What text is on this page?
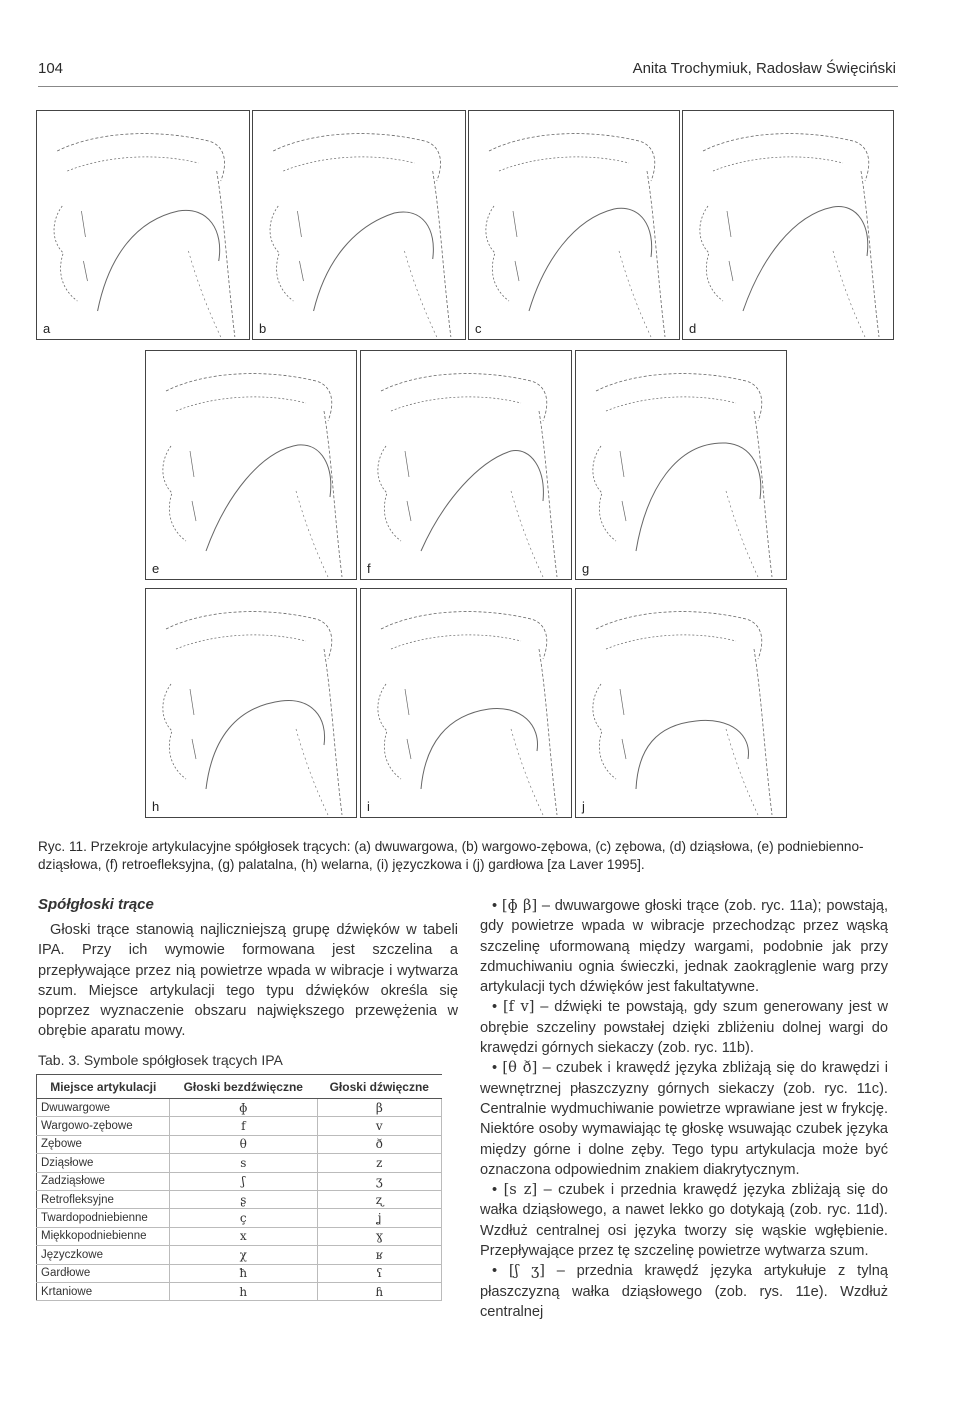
104	Anita Trochymiuk, Radosław Święciński
a	b	c	d
e	f	g
h	i	j
Ryc. 11. Przekroje artykulacyjne spółgłosek trących: (a) dwuwargowa, (b) wargowo-zębowa, (c) zębowa, (d) dziąsłowa, (e) podniebienno-dziąsłowa, (f) retroefleksyjna, (g) palatalna, (h) welarna, (i) języczkowa i (j) gardłowa [za Laver 1995].
Spółgłoski trące
Głoski trące stanowią najliczniejszą grupę dźwięków w tabeli IPA. Przy ich wymowie formowana jest szczelina a przepływające przez nią powietrze wpada w wibracje i wytwarza szum. Miejsce artykulacji tego typu dźwięków określa się poprzez wyznaczenie obszaru największego przewężenia w obrębie aparatu mowy.
Tab. 3. Symbole spółgłosek trących IPA
Miejsce artykulacji	Głoski bezdźwięczne	Głoski dźwięczne
Dwuwargowe	ɸ	β
Wargowo-zębowe	f	v
Zębowe	θ	ð
Dziąsłowe	s	z
Zadziąsłowe	ʃ	ʒ
Retrofleksyjne	ʂ	ʐ
Twardopodniebienne	ç	ʝ
Miękkopodniebienne	x	ɣ
Języczkowe	χ	ʁ
Gardłowe	ħ	ʕ
Krtaniowe	h	ɦ

• [ɸ β] – dwuwargowe głoski trące (zob. ryc. 11a); powstają, gdy powietrze wpada w wibracje przechodząc przez wąską szczelinę uformowaną między wargami, podobnie jak przy zdmuchiwaniu ognia świeczki, jednak zaokrąglenie warg przy artykulacji tych dźwięków jest fakultatywne.

• [f v] – dźwięki te powstają, gdy szum generowany jest w obrębie szczeliny powstałej dzięki zbliżeniu dolnej wargi do krawędzi górnych siekaczy (zob. ryc. 11b).

• [θ ð] – czubek i krawędź języka zbliżają się do krawędzi i wewnętrznej płaszczyzny górnych siekaczy (zob. ryc. 11c). Centralnie wydmuchiwanie powietrze wprawiane jest w frykcję. Niektóre osoby wymawiając tę głoskę wsuwając czubek języka między górne i dolne zęby. Tego typu artykulacja może być oznaczona odpowiednim znakiem diakrytycznym.

• [s z] – czubek i przednia krawędź języka zbliżają się do wałka dziąsłowego, a nawet lekko go dotykają (zob. ryc. 11d). Wzdłuż centralnej osi języka tworzy się wąskie wgłębienie. Przepływające przez tę szczelinę powietrze wytwarza szum.

• [ʃ ʒ] – przednia krawędź języka artykułuje z tylną płaszczyzną wałka dziąsłowego (zob. rys. 11e). Wzdłuż centralnej
